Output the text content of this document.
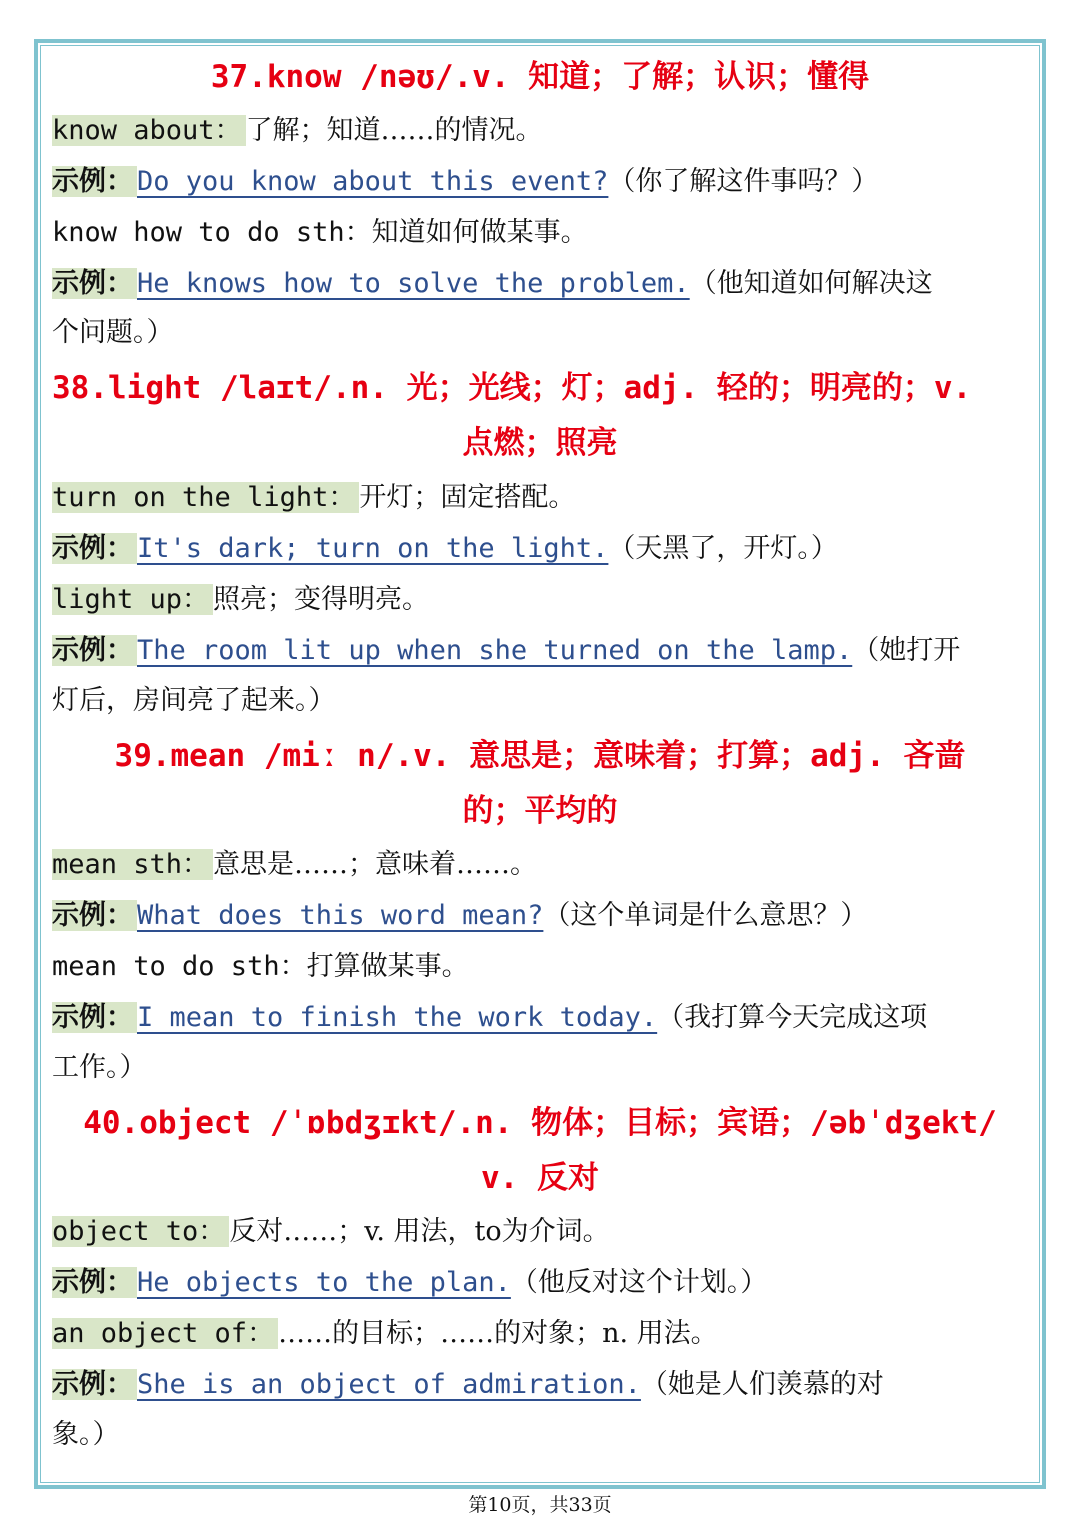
37.know /nəʊ/.v. 知道；了解；认识；懂得
know about： 了解；知道……的情况。
示例： Do you know about this event?（你了解这件事吗？）
know how to do sth：知道如何做某事。
示例： He knows how to solve the problem.（他知道如何解决这
个问题。）
38.light /laɪt/.n. 光；光线；灯；adj. 轻的；明亮的；v.
点燃；照亮
turn on the light： 开灯；固定搭配。
示例： It's dark; turn on the light.（天黑了，开灯。）
light up： 照亮；变得明亮。
示例： The room lit up when she turned on the lamp.（她打开
灯后，房间亮了起来。）
39.mean /miː n/.v. 意思是；意味着；打算；adj. 吝啬
的；平均的
mean sth： 意思是……；意味着……。
示例： What does this word mean?（这个单词是什么意思？）
mean to do sth：打算做某事。
示例： I mean to finish the work today.（我打算今天完成这项
工作。）
40.object /ˈɒbdʒɪkt/.n. 物体；目标；宾语；/əbˈdʒekt/
v. 反对
object to： 反对……；v. 用法，to为介词。
示例： He objects to the plan.（他反对这个计划。）
an object of： ……的目标；……的对象；n. 用法。
示例： She is an object of admiration.（她是人们羡慕的对
象。）
第10页，共33页
